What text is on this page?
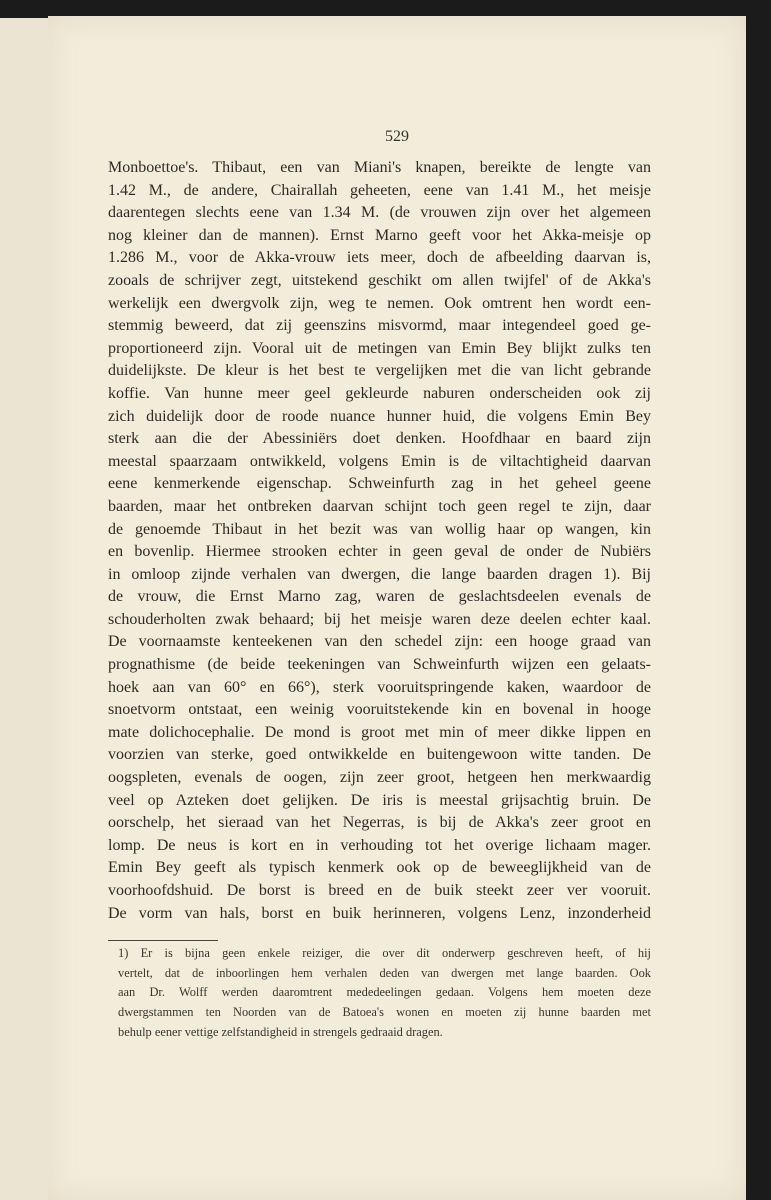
529
Monboettoe's. Thibaut, een van Miani's knapen, bereikte de lengte van
1.42 M., de andere, Chairallah geheeten, eene van 1.41 M., het meisje
daarentegen slechts eene van 1.34 M. (de vrouwen zijn over het algemeen
nog kleiner dan de mannen). Ernst Marno geeft voor het Akka-meisje op
1.286 M., voor de Akka-vrouw iets meer, doch de afbeelding daarvan is,
zooals de schrijver zegt, uitstekend geschikt om allen twijfel' of de Akka's
werkelijk een dwergvolk zijn, weg te nemen. Ook omtrent hen wordt een-
stemmig beweerd, dat zij geenszins misvormd, maar integendeel goed ge-
proportioneerd zijn. Vooral uit de metingen van Emin Bey blijkt zulks ten
duidelijkste. De kleur is het best te vergelijken met die van licht gebrande
koffie. Van hunne meer geel gekleurde naburen onderscheiden ook zij
zich duidelijk door de roode nuance hunner huid, die volgens Emin Bey
sterk aan die der Abessiniërs doet denken. Hoofdhaar en baard zijn
meestal spaarzaam ontwikkeld, volgens Emin is de viltachtigheid daarvan
eene kenmerkende eigenschap. Schweinfurth zag in het geheel geene
baarden, maar het ontbreken daarvan schijnt toch geen regel te zijn, daar
de genoemde Thibaut in het bezit was van wollig haar op wangen, kin
en bovenlip. Hiermee strooken echter in geen geval de onder de Nubiërs
in omloop zijnde verhalen van dwergen, die lange baarden dragen 1). Bij
de vrouw, die Ernst Marno zag, waren de geslachtsdeelen evenals de
schouderholten zwak behaard; bij het meisje waren deze deelen echter kaal.
De voornaamste kenteekenen van den schedel zijn: een hooge graad van
prognathisme (de beide teekeningen van Schweinfurth wijzen een gelaats-
hoek aan van 60° en 66°), sterk vooruitspringende kaken, waardoor de
snoetvorm ontstaat, een weinig vooruitstekende kin en bovenal in hooge
mate dolichocephalie. De mond is groot met min of meer dikke lippen en
voorzien van sterke, goed ontwikkelde en buitengewoon witte tanden. De
oogspleten, evenals de oogen, zijn zeer groot, hetgeen hen merkwaardig
veel op Azteken doet gelijken. De iris is meestal grijsachtig bruin. De
oorschelp, het sieraad van het Negerras, is bij de Akka's zeer groot en
lomp. De neus is kort en in verhouding tot het overige lichaam mager.
Emin Bey geeft als typisch kenmerk ook op de beweeglijkheid van de
voorhoofdshuid. De borst is breed en de buik steekt zeer ver vooruit.
De vorm van hals, borst en buik herinneren, volgens Lenz, inzonderheid
1) Er is bijna geen enkele reiziger, die over dit onderwerp geschreven heeft, of hij
vertelt, dat de inboorlingen hem verhalen deden van dwergen met lange baarden. Ook
aan Dr. Wolff werden daaromtrent mededeelingen gedaan. Volgens hem moeten deze
dwergstammen ten Noorden van de Batoea's wonen en moeten zij hunne baarden met
behulp eener vettige zelfstandigheid in strengels gedraaid dragen.
